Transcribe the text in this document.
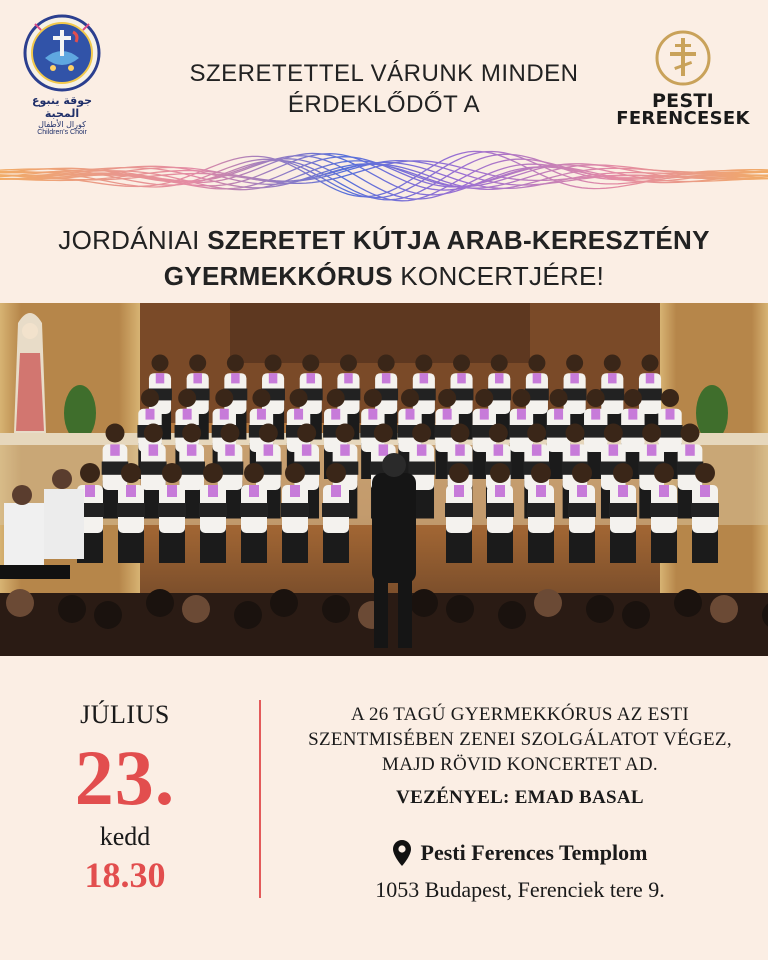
جوقة ينبوع المحبة
كورال الأطفال
Children's Choir
SZERETETTEL VÁRUNK MINDEN
ÉRDEKLŐDŐT A	PESTI
FERENCESEK
JORDÁNIAI SZERETET KÚTJA ARAB-KERESZTÉNY
GYERMEKKÓRUS KONCERTJÉRE!
JÚLIUS
23.
kedd
18.30
A 26 TAGÚ GYERMEKKÓRUS AZ ESTI
SZENTMISÉBEN ZENEI SZOLGÁLATOT VÉGEZ,
MAJD RÖVID KONCERTET AD.
VEZÉNYEL: EMAD BASAL
Pesti Ferences Templom
1053 Budapest, Ferenciek tere 9.
